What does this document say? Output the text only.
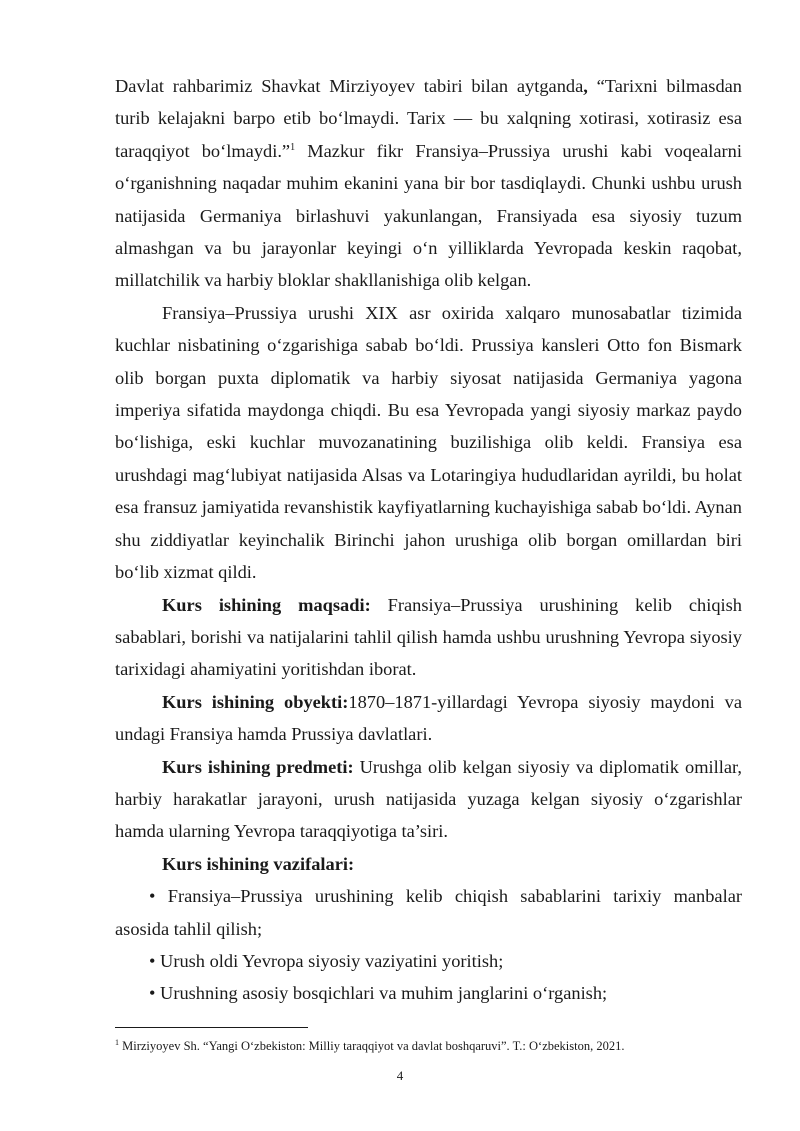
Davlat rahbarimiz Shavkat Mirziyoyev tabiri bilan aytganda, “Tarixni bilmasdan turib kelajakni barpo etib bo‘lmaydi. Tarix — bu xalqning xotirasi, xotirasiz esa taraqqiyot bo‘lmaydi.”$^1$ Mazkur fikr Fransiya–Prussiya urushi kabi voqealarni o‘rganishning naqadar muhim ekanini yana bir bor tasdiqlaydi. Chunki ushbu urush natijasida Germaniya birlashuvi yakunlangan, Fransiyada esa siyosiy tuzum almashgan va bu jarayonlar keyingi o‘n yilliklarda Yevropada keskin raqobat, millatchilik va harbiy bloklar shakllanishiga olib kelgan.

Fransiya–Prussiya urushi XIX asr oxirida xalqaro munosabatlar tizimida kuchlar nisbatining o‘zgarishiga sabab bo‘ldi. Prussiya kansleri Otto fon Bismark olib borgan puxta diplomatik va harbiy siyosat natijasida Germaniya yagona imperiya sifatida maydonga chiqdi. Bu esa Yevropada yangi siyosiy markaz paydo bo‘lishiga, eski kuchlar muvozanatining buzilishiga olib keldi. Fransiya esa urushdagi mag‘lubiyat natijasida Alsas va Lotaringiya hududlaridan ayrildi, bu holat esa fransuz jamiyatida revanshistik kayfiyatlarning kuchayishiga sabab bo‘ldi. Aynan shu ziddiyatlar keyinchalik Birinchi jahon urushiga olib borgan omillardan biri bo‘lib xizmat qildi.

Kurs ishining maqsadi: Fransiya–Prussiya urushining kelib chiqish sabablari, borishi va natijalarini tahlil qilish hamda ushbu urushning Yevropa siyosiy tarixidagi ahamiyatini yoritishdan iborat.

Kurs ishining obyekti:1870–1871-yillardagi Yevropa siyosiy maydoni va undagi Fransiya hamda Prussiya davlatlari.

Kurs ishining predmeti: Urushga olib kelgan siyosiy va diplomatik omillar, harbiy harakatlar jarayoni, urush natijasida yuzaga kelgan siyosiy o‘zgarishlar hamda ularning Yevropa taraqqiyotiga ta’siri.

Kurs ishining vazifalari:

• Fransiya–Prussiya urushining kelib chiqish sabablarini tarixiy manbalar asosida tahlil qilish;

• Urush oldi Yevropa siyosiy vaziyatini yoritish;

• Urushning asosiy bosqichlari va muhim janglarini o‘rganish;

$^1$ Mirziyoyev Sh. “Yangi O‘zbekiston: Milliy taraqqiyot va davlat boshqaruvi”. T.: O‘zbekiston, 2021.
4
